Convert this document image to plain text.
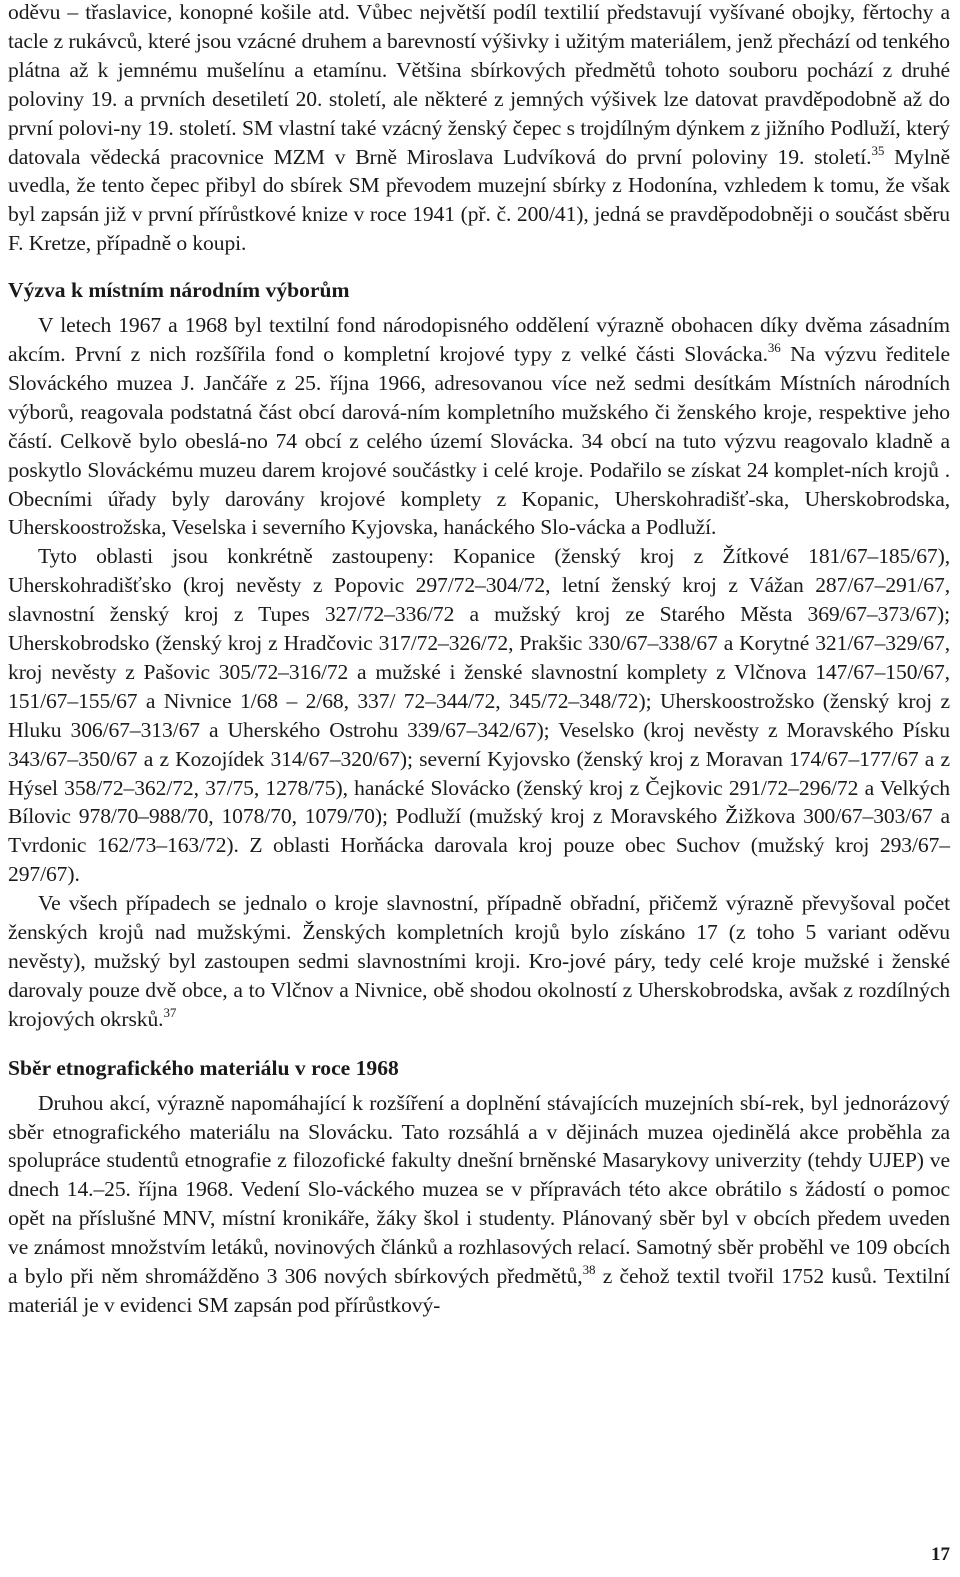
oděvu – třaslavice, konopné košile atd. Vůbec největší podíl textilií představují vyšívané obojky, fěrtochy a tacle z rukávců, které jsou vzácné druhem a barevností výšivky i užitým materiálem, jenž přechází od tenkého plátna až k jemnému mušelínu a etamínu. Většina sbírkových předmětů tohoto souboru pochází z druhé poloviny 19. a prvních desetiletí 20. století, ale některé z jemných výšivek lze datovat pravděpodobně až do první polovi-ny 19. století. SM vlastní také vzácný ženský čepec s trojdílným dýnkem z jižního Podluží, který datovala vědecká pracovnice MZM v Brně Miroslava Ludvíková do první poloviny 19. století.$^{35}$ Mylně uvedla, že tento čepec přibyl do sbírek SM převodem muzejní sbírky z Hodonína, vzhledem k tomu, že však byl zapsán již v první přírůstkové knize v roce 1941 (př. č. 200/41), jedná se pravděpodobněji o součást sběru F. Kretze, případně o koupi.

Výzva k místním národním výborům

V letech 1967 a 1968 byl textilní fond národopisného oddělení výrazně obohacen díky dvěma zásadním akcím. První z nich rozšířila fond o kompletní krojové typy z velké části Slovácka.$^{36}$ Na výzvu ředitele Slováckého muzea J. Jančáře z 25. října 1966, adresovanou více než sedmi desítkám Místních národních výborů, reagovala podstatná část obcí darová-ním kompletního mužského či ženského kroje, respektive jeho částí. Celkově bylo obeslá-no 74 obcí z celého území Slovácka. 34 obcí na tuto výzvu reagovalo kladně a poskytlo Slováckému muzeu darem krojové součástky i celé kroje. Podařilo se získat 24 komplet-ních krojů . Obecními úřady byly darovány krojové komplety z Kopanic, Uherskohradišť-ska, Uherskobrodska, Uherskoostrožska, Veselska i severního Kyjovska, hanáckého Slo-vácka a Podluží.

Tyto oblasti jsou konkrétně zastoupeny: Kopanice (ženský kroj z Žítkové 181/67–185/67), Uherskohradišťsko (kroj nevěsty z Popovic 297/72–304/72, letní ženský kroj z Vážan 287/67–291/67, slavnostní ženský kroj z Tupes 327/72–336/72 a mužský kroj ze Starého Města 369/67–373/67); Uherskobrodsko (ženský kroj z Hradčovic 317/72–326/72, Prakšic 330/67–338/67 a Korytné 321/67–329/67, kroj nevěsty z Pašovic 305/72–316/72 a mužské i ženské slavnostní komplety z Vlčnova 147/67–150/67, 151/67–155/67 a Nivnice 1/68 – 2/68, 337/ 72–344/72, 345/72–348/72); Uherskoostrožsko (ženský kroj z Hluku 306/67–313/67 a Uherského Ostrohu 339/67–342/67); Veselsko (kroj nevěsty z Moravského Písku 343/67–350/67 a z Kozojídek 314/67–320/67); severní Kyjovsko (ženský kroj z Moravan 174/67–177/67 a z Hýsel 358/72–362/72, 37/75, 1278/75), hanácké Slovácko (ženský kroj z Čejkovic 291/72–296/72 a Velkých Bílovic 978/70–988/70, 1078/70, 1079/70); Podluží (mužský kroj z Moravského Žižkova 300/67–303/67 a Tvrdonic 162/73–163/72). Z oblasti Horňácka darovala kroj pouze obec Suchov (mužský kroj 293/67–297/67).

Ve všech případech se jednalo o kroje slavnostní, případně obřadní, přičemž výrazně převyšoval počet ženských krojů nad mužskými. Ženských kompletních krojů bylo získáno 17 (z toho 5 variant oděvu nevěsty), mužský byl zastoupen sedmi slavnostními kroji. Kro-jové páry, tedy celé kroje mužské i ženské darovaly pouze dvě obce, a to Vlčnov a Nivnice, obě shodou okolností z Uherskobrodska, avšak z rozdílných krojových okrsků.$^{37}$

Sběr etnografického materiálu v roce 1968

Druhou akcí, výrazně napomáhající k rozšíření a doplnění stávajících muzejních sbí-rek, byl jednorázový sběr etnografického materiálu na Slovácku. Tato rozsáhlá a v dějinách muzea ojedinělá akce proběhla za spolupráce studentů etnografie z filozofické fakulty dnešní brněnské Masarykovy univerzity (tehdy UJEP) ve dnech 14.–25. října 1968. Vedení Slo-váckého muzea se v přípravách této akce obrátilo s žádostí o pomoc opět na příslušné MNV, místní kronikáře, žáky škol i studenty. Plánovaný sběr byl v obcích předem uveden ve známost množstvím letáků, novinových článků a rozhlasových relací. Samotný sběr proběhl ve 109 obcích a bylo při něm shromážděno 3 306 nových sbírkových předmětů,$^{38}$ z čehož textil tvořil 1752 kusů. Textilní materiál je v evidenci SM zapsán pod přírůstkový-

17
